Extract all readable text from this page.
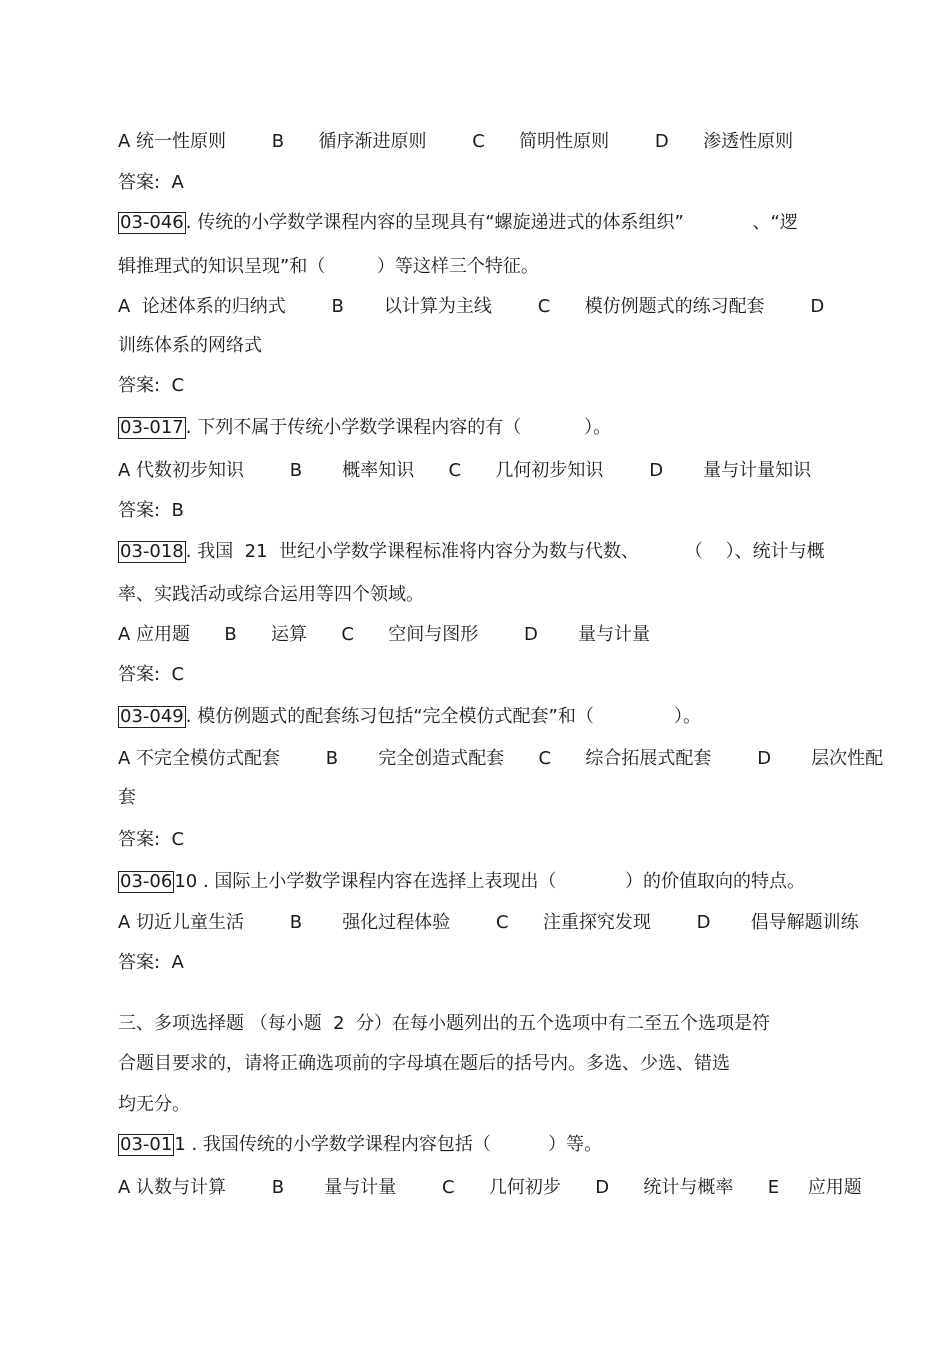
A 统一性原则        B      循序渐进原则        C      简明性原则        D      渗透性原则
答案:  A
03-046 . 传统的小学数学课程内容的呈现具有“螺旋递进式的体系组织”            、“逻
辑推理式的知识呈现”和（         ）等这样三个特征。
A  论述体系的归纳式        B       以计算为主线        C      模仿例题式的练习配套        D
训练体系的网络式
答案:  C
03-017 . 下列不属于传统小学数学课程内容的有（           ）。
A 代数初步知识        B       概率知识      C      几何初步知识        D       量与计量知识
答案:  B
03-018 . 我国  21  世纪小学数学课程标准将内容分为数与代数、        （    ）、统计与概
率、实践活动或综合运用等四个领域。
A 应用题      B      运算      C      空间与图形        D       量与计量
答案:  C
03-049 . 模仿例题式的配套练习包括“完全模仿式配套”和（              ）。
A 不完全模仿式配套        B       完全创造式配套      C      综合拓展式配套        D       层次性配
套
答案:  C
03-06 10 . 国际上小学数学课程内容在选择上表现出（            ）的价值取向的特点。
A 切近儿童生活        B       强化过程体验        C      注重探究发现        D       倡导解题训练
答案:  A
三、多项选择题 （每小题  2  分）在每小题列出的五个选项中有二至五个选项是符
合题目要求的，请将正确选项前的字母填在题后的括号内。多选、少选、错选
均无分。
03-01 1 . 我国传统的小学数学课程内容包括（          ）等。
A 认数与计算        B       量与计量        C      几何初步      D      统计与概率      E     应用题
